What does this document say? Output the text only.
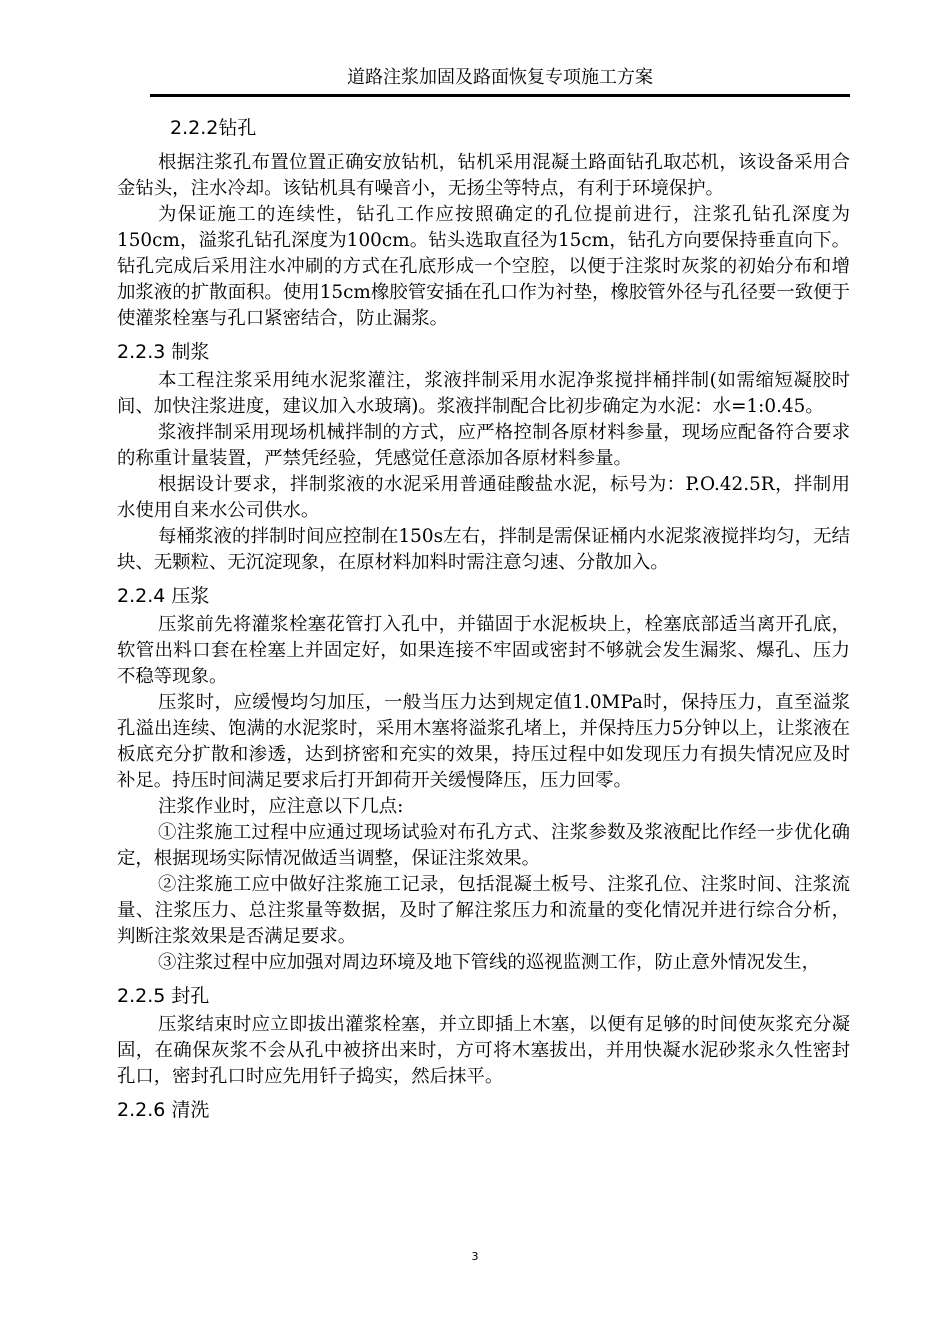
道路注浆加固及路面恢复专项施工方案
2.2.2钻孔

根据注浆孔布置位置正确安放钻机，钻机采用混凝土路面钻孔取芯机，该设备采用合金钻头，注水冷却。该钻机具有噪音小，无扬尘等特点，有利于环境保护。

为保证施工的连续性，钻孔工作应按照确定的孔位提前进行，注浆孔钻孔深度为150cm，溢浆孔钻孔深度为100cm。钻头选取直径为15cm，钻孔方向要保持垂直向下。钻孔完成后采用注水冲刷的方式在孔底形成一个空腔，以便于注浆时灰浆的初始分布和增加浆液的扩散面积。使用15cm橡胶管安插在孔口作为衬垫，橡胶管外径与孔径要一致便于使灌浆栓塞与孔口紧密结合，防止漏浆。

2.2.3 制浆

本工程注浆采用纯水泥浆灌注，浆液拌制采用水泥净浆搅拌桶拌制(如需缩短凝胶时间、加快注浆进度，建议加入水玻璃)。浆液拌制配合比初步确定为水泥：水=1:0.45。

浆液拌制采用现场机械拌制的方式，应严格控制各原材料参量，现场应配备符合要求的称重计量装置，严禁凭经验，凭感觉任意添加各原材料参量。

根据设计要求，拌制浆液的水泥采用普通硅酸盐水泥，标号为：P.O.42.5R，拌制用水使用自来水公司供水。

每桶浆液的拌制时间应控制在150s左右，拌制是需保证桶内水泥浆液搅拌均匀，无结块、无颗粒、无沉淀现象，在原材料加料时需注意匀速、分散加入。

2.2.4 压浆

压浆前先将灌浆栓塞花管打入孔中，并锚固于水泥板块上，栓塞底部适当离开孔底，软管出料口套在栓塞上并固定好，如果连接不牢固或密封不够就会发生漏浆、爆孔、压力不稳等现象。

压浆时，应缓慢均匀加压，一般当压力达到规定值1.0MPa时，保持压力，直至溢浆孔溢出连续、饱满的水泥浆时，采用木塞将溢浆孔堵上，并保持压力5分钟以上，让浆液在板底充分扩散和渗透，达到挤密和充实的效果，持压过程中如发现压力有损失情况应及时补足。持压时间满足要求后打开卸荷开关缓慢降压，压力回零。

注浆作业时，应注意以下几点:

①注浆施工过程中应通过现场试验对布孔方式、注浆参数及浆液配比作经一步优化确定，根据现场实际情况做适当调整，保证注浆效果。

②注浆施工应中做好注浆施工记录，包括混凝土板号、注浆孔位、注浆时间、注浆流量、注浆压力、总注浆量等数据，及时了解注浆压力和流量的变化情况并进行综合分析，判断注浆效果是否满足要求。

③注浆过程中应加强对周边环境及地下管线的巡视监测工作，防止意外情况发生，

2.2.5 封孔

压浆结束时应立即拔出灌浆栓塞，并立即插上木塞，以便有足够的时间使灰浆充分凝固，在确保灰浆不会从孔中被挤出来时，方可将木塞拔出，并用快凝水泥砂浆永久性密封孔口，密封孔口时应先用钎子捣实，然后抹平。

2.2.6 清洗
3
